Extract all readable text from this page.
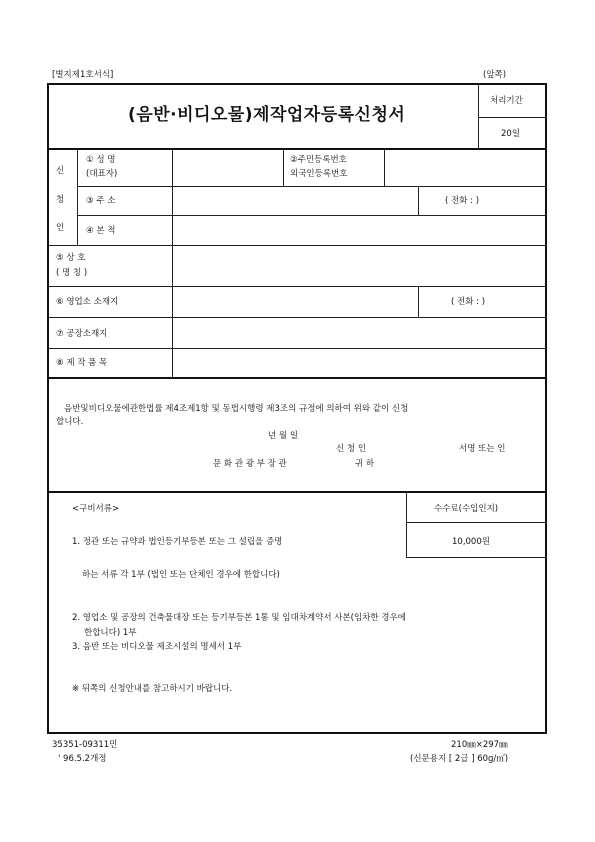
[별지제1호서식]	(앞쪽)
(음반·비디오물)제작업자등록신청서
처리기간
20일
신
청
인
① 성 명
(대표자)
②주민등록번호
외국인등록번호
③ 주 소	( 전화 : )
④ 본 적
⑤ 상 호
( 명 칭 )
⑥ 영업소 소재지	( 전화 : )
⑦ 공장소재지
⑧ 제 작 품 목
음반및비디오물에관한법률 제4조제1항 및 동법시행령 제3조의 규정에 의하여 위와 같이 신청
합니다.
년 월 일
신 청 인	서명 또는 인
문 화 관 광 부 장 관	귀 하
<구비서류>	수수료(수입인지)
10,000원
1. 정관 또는 규약과 법인등기부등본 또는 그 설립을 증명
하는 서류 각 1부 (법인 또는 단체인 경우에 한합니다)
2. 영업소 및 공장의 건축물대장 또는 등기부등본 1통 및 임대차계약서 사본(임차한 경우에
한합니다) 1부
3. 음반 또는 비디오물 제조시설의 명세서 1부
※ 뒤쪽의 신청안내를 참고하시기 바랍니다.
35351-09311민
' 96.5.2개정
210㎜×297㎜
(신문용지 [ 2급 ] 60g/㎡)
